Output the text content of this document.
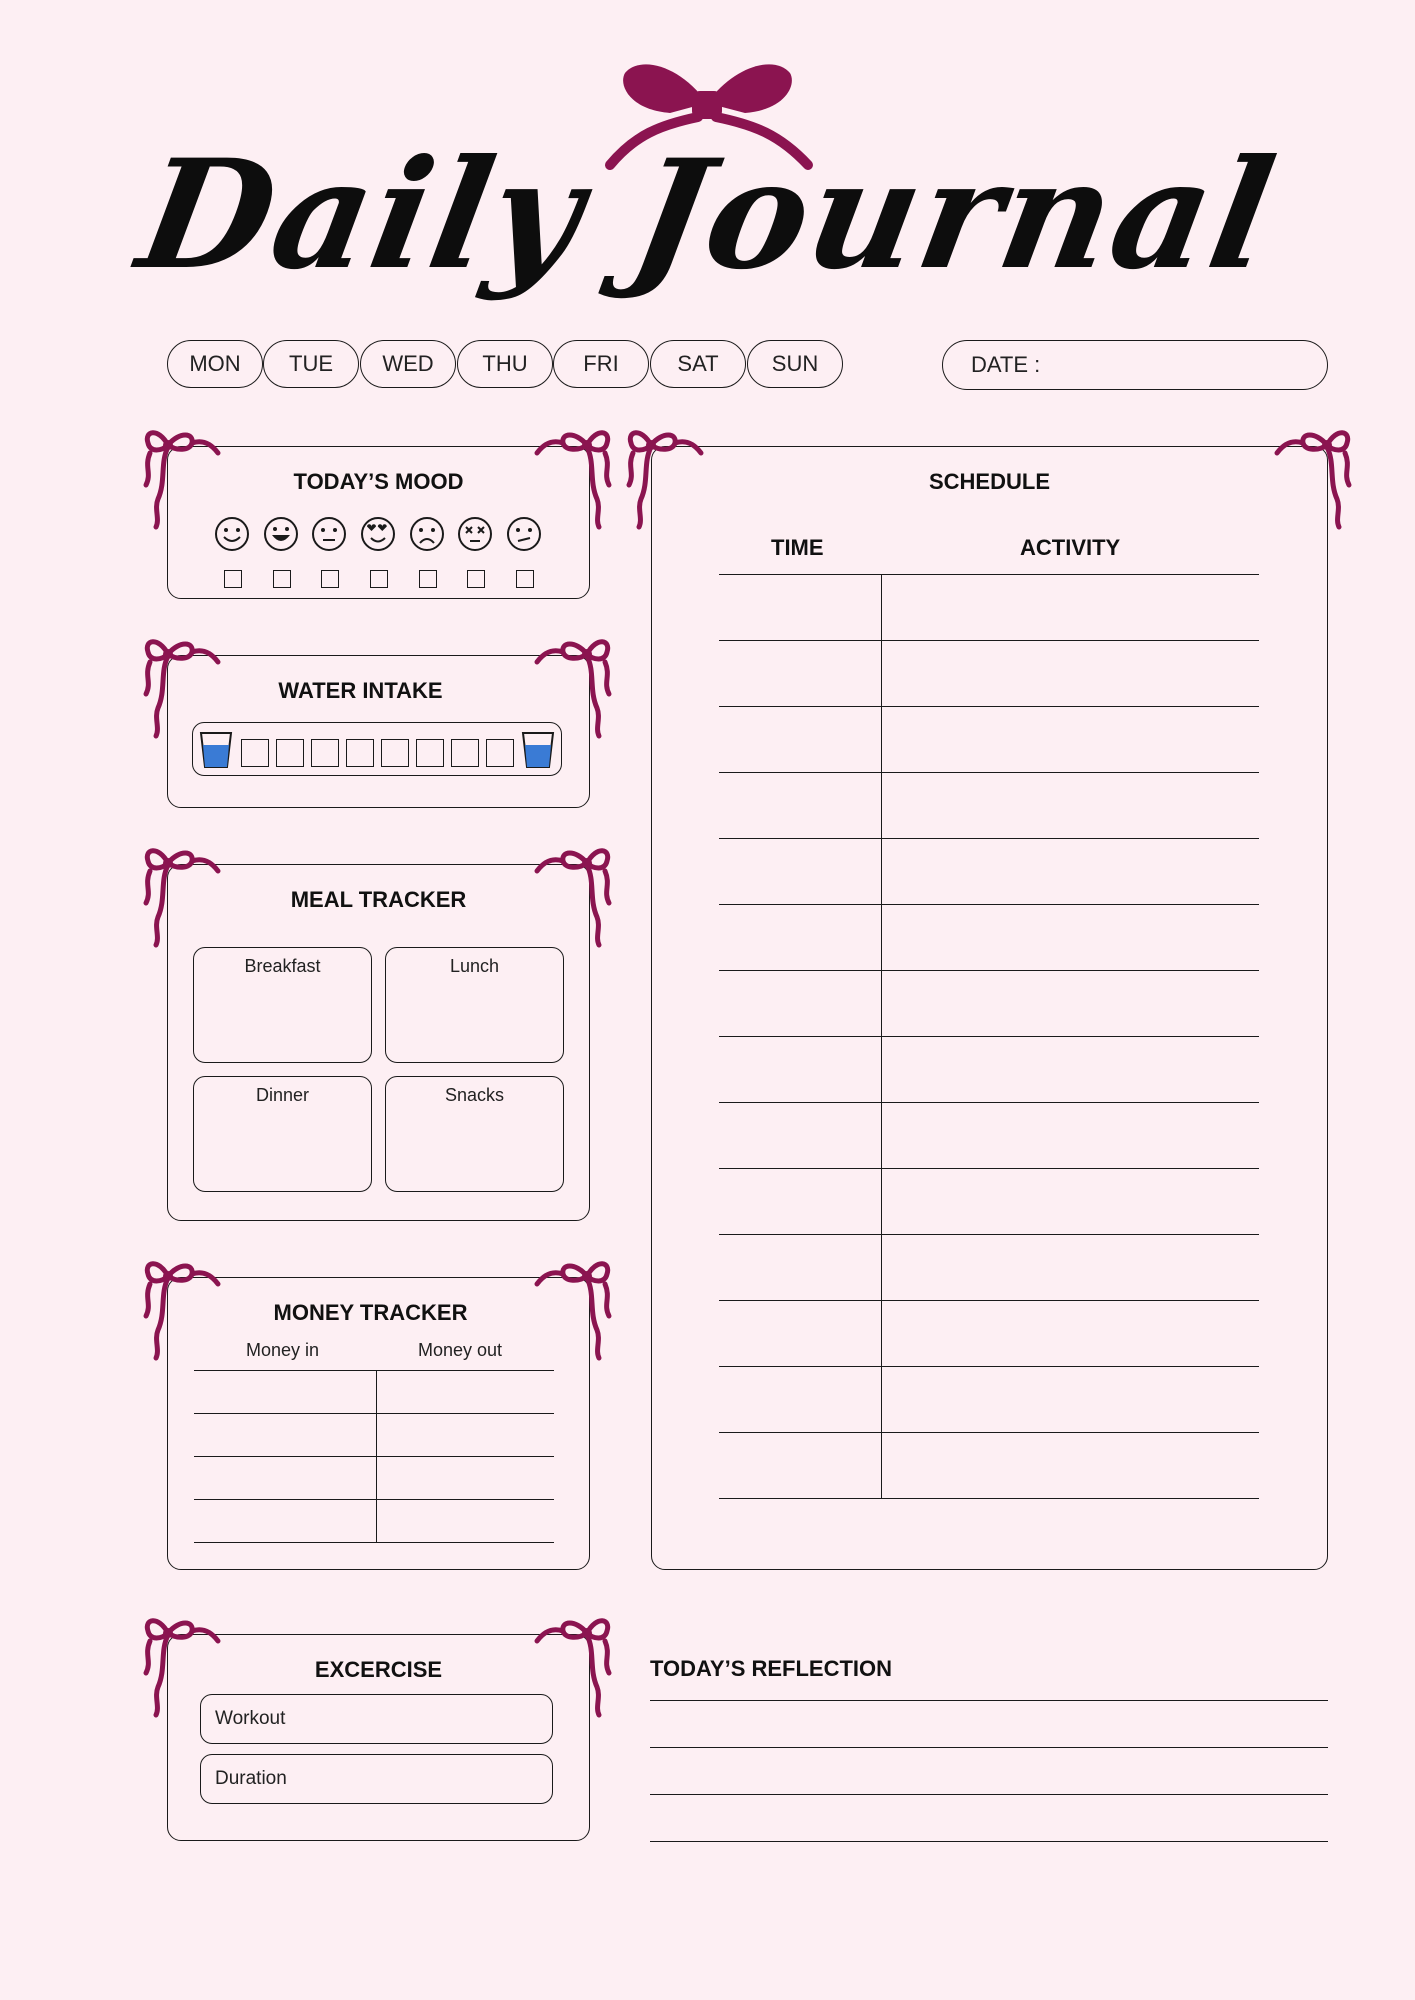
Daily Journal
MON	TUE	WED	THU	FRI	SAT	SUN	DATE :
TODAY’S MOOD
WATER INTAKE
MEAL TRACKER
Breakfast	Lunch
Dinner	Snacks
MONEY TRACKER
Money in	Money out
EXCERCISE
Workout
Duration
SCHEDULE
TIME	ACTIVITY
TODAY’S REFLECTION
